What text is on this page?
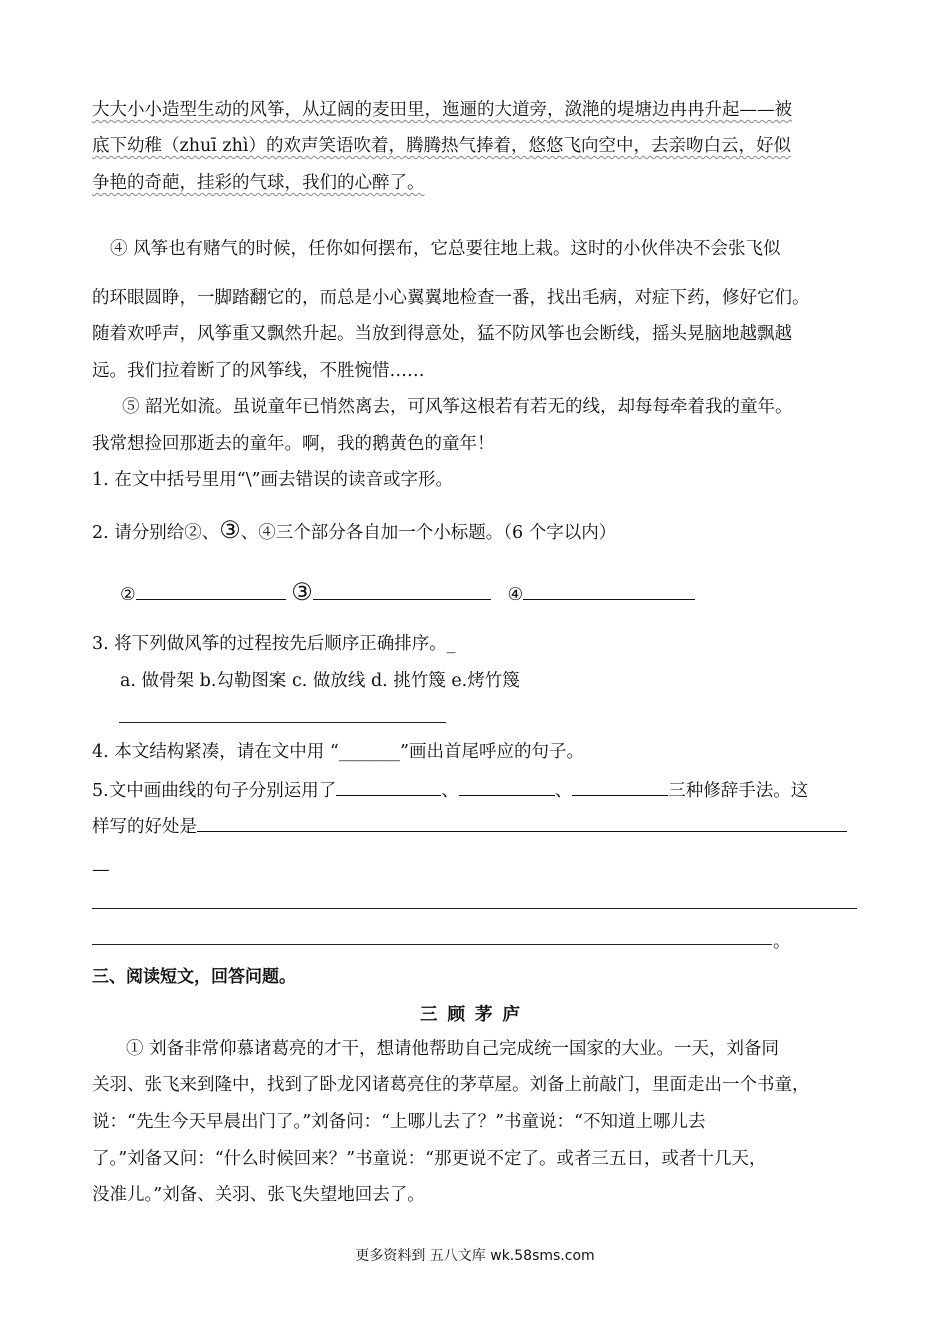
大大小小造型生动的风筝，从辽阔的麦田里，迤逦的大道旁，潋滟的堤塘边冉冉升起——被
底下幼稚（zhuī zhì）的欢声笑语吹着，腾腾热气捧着，悠悠飞向空中，去亲吻白云，好似
争艳的奇葩，挂彩的气球，我们的心醉了。
④ 风筝也有赌气的时候，任你如何摆布，它总要往地上栽。这时的小伙伴决不会张飞似
的环眼圆睁，一脚踏翻它的，而总是小心翼翼地检查一番，找出毛病，对症下药，修好它们。
随着欢呼声，风筝重又飘然升起。当放到得意处，猛不防风筝也会断线，摇头晃脑地越飘越
远。我们拉着断了的风筝线，不胜惋惜……
⑤ 韶光如流。虽说童年已悄然离去，可风筝这根若有若无的线，却每每牵着我的童年。
我常想捡回那逝去的童年。啊，我的鹅黄色的童年！
1. 在文中括号里用“\”画去错误的读音或字形。
2. 请分别给②、③、④三个部分各自加一个小标题。（6 个字以内）
②	③	④
3. 将下列做风筝的过程按先后顺序正确排序。_
a. 做骨架 b.勾勒图案 c. 做放线 d. 挑竹篾 e.烤竹篾
4. 本文结构紧凑，请在文中用 “_______”画出首尾呼应的句子。
5.文中画曲线的句子分别运用了	、	、	三种修辞手法。这
样写的好处是
—
。
三、阅读短文，回答问题。
三顾茅庐
① 刘备非常仰慕诸葛亮的才干，想请他帮助自己完成统一国家的大业。一天，刘备同
关羽、张飞来到隆中，找到了卧龙冈诸葛亮住的茅草屋。刘备上前敲门，里面走出一个书童，
说：“先生今天早晨出门了。”刘备问：“上哪儿去了？”书童说：“不知道上哪儿去
了。”刘备又问：“什么时候回来？”书童说：“那更说不定了。或者三五日，或者十几天，
没准儿。”刘备、关羽、张飞失望地回去了。
更多资料到 五八文库 wk.58sms.com
